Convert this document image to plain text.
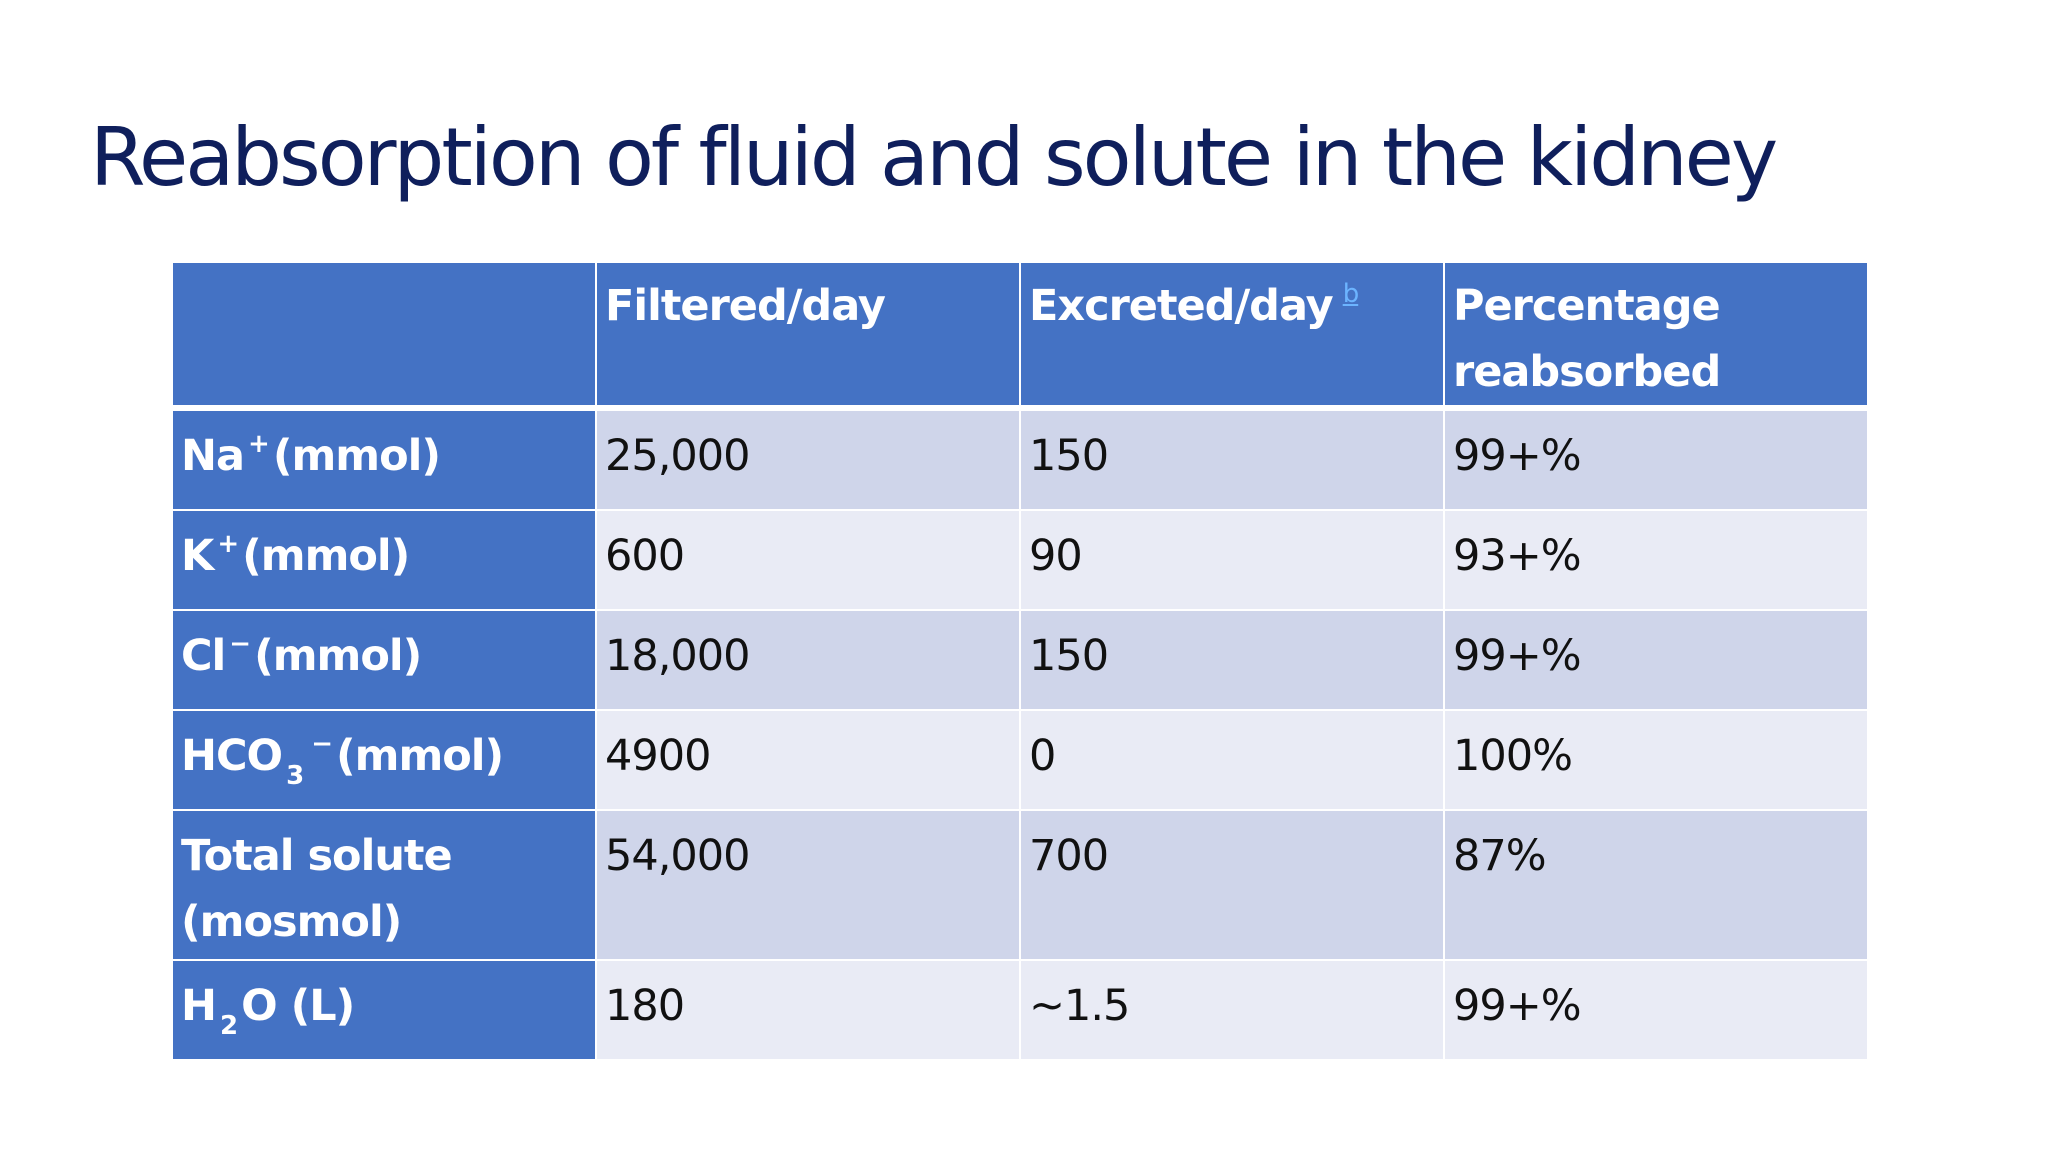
Reabsorption of fluid and solute in the kidney
	Filtered/day	Excreted/day $^b$	Percentage
reabsorbed

Na +(mmol)	25,000	150	99+%
K +(mmol)	600	90	93+%
Cl −(mmol)	18,000	150	99+%
HCO $_3$−(mmol)	4900	0	100%

Total solute
(mosmol)	54,000	700	87%
H $_2$O (L)	180	~1.5	99+%
